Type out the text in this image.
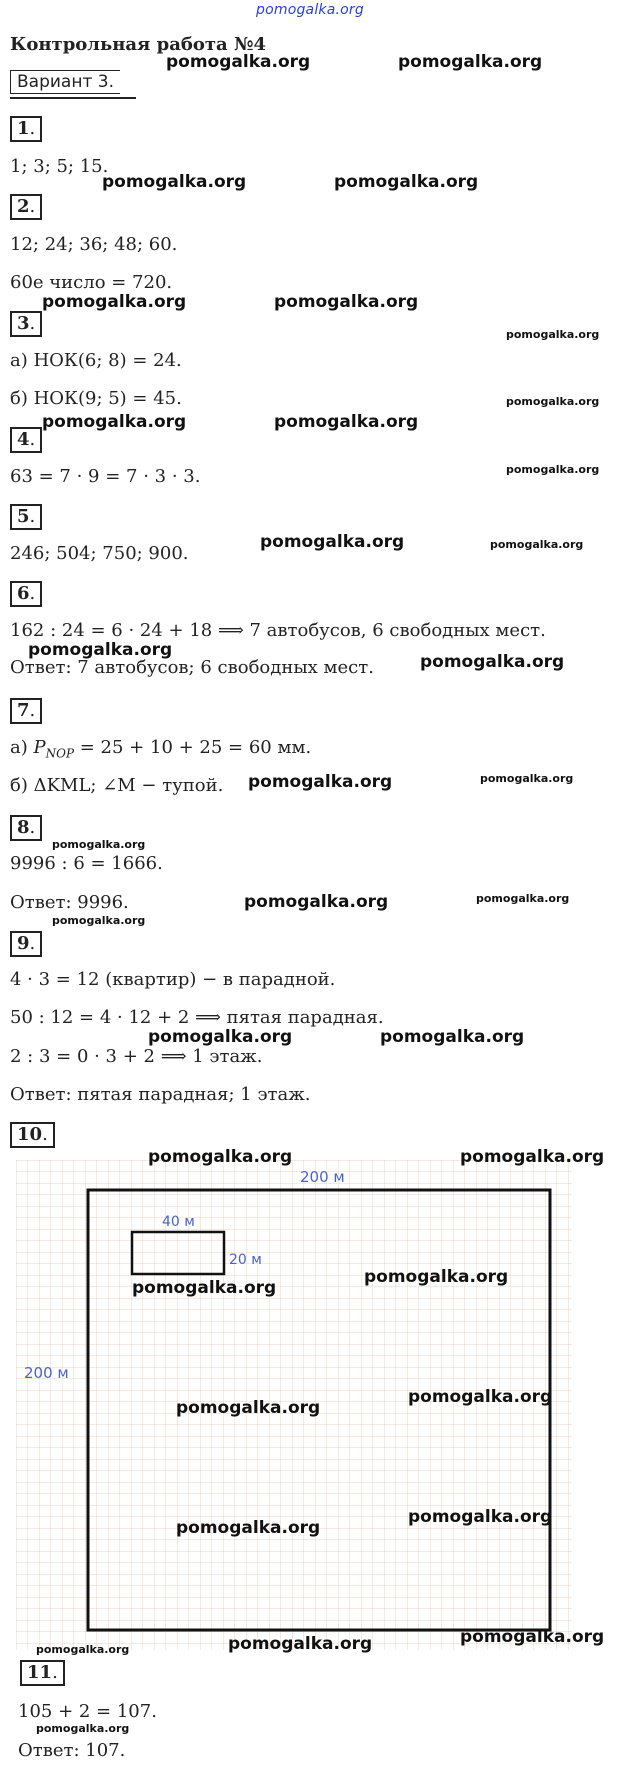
pomogalka.org
Контрольная работа №4
Вариант 3.
1.
1; 3; 5; 15.
2.
12; 24; 36; 48; 60.
60е число = 720.
3.
а) НОК(6; 8) = 24.
б) НОК(9; 5) = 45.
4.
63 = 7 · 9 = 7 · 3 · 3.
5.
246; 504; 750; 900.
6.
162 : 24 = 6 · 24 + 18 ⟹ 7 автобусов, 6 свободных мест.
Ответ: 7 автобусов; 6 свободных мест.
7.
а) $P_{NOP} = 25 + 10 + 25 = 60$ мм.
б) ΔKML; ∠M − тупой.
8.
9996 : 6 = 1666.
Ответ: 9996.
9.
4 · 3 = 12 (квартир) − в парадной.
50 : 12 = 4 · 12 + 2 ⟹ пятая парадная.
2 : 3 = 0 · 3 + 2 ⟹ 1 этаж.
Ответ: пятая парадная; 1 этаж.
10.
200 м
200 м
40 м
20 м
11.
105 + 2 = 107.
Ответ: 107.
pomogalka.org	pomogalka.org
pomogalka.org	pomogalka.org
pomogalka.org	pomogalka.org
pomogalka.org
pomogalka.org
pomogalka.org	pomogalka.org
pomogalka.org
pomogalka.org	pomogalka.org
pomogalka.org
pomogalka.org
pomogalka.org	pomogalka.org
pomogalka.org
pomogalka.org
pomogalka.org	pomogalka.org
pomogalka.org	pomogalka.org
pomogalka.org	pomogalka.org
pomogalka.org
pomogalka.org
pomogalka.org
pomogalka.org
pomogalka.org
pomogalka.org
pomogalka.org
pomogalka.org	pomogalka.org
pomogalka.org
